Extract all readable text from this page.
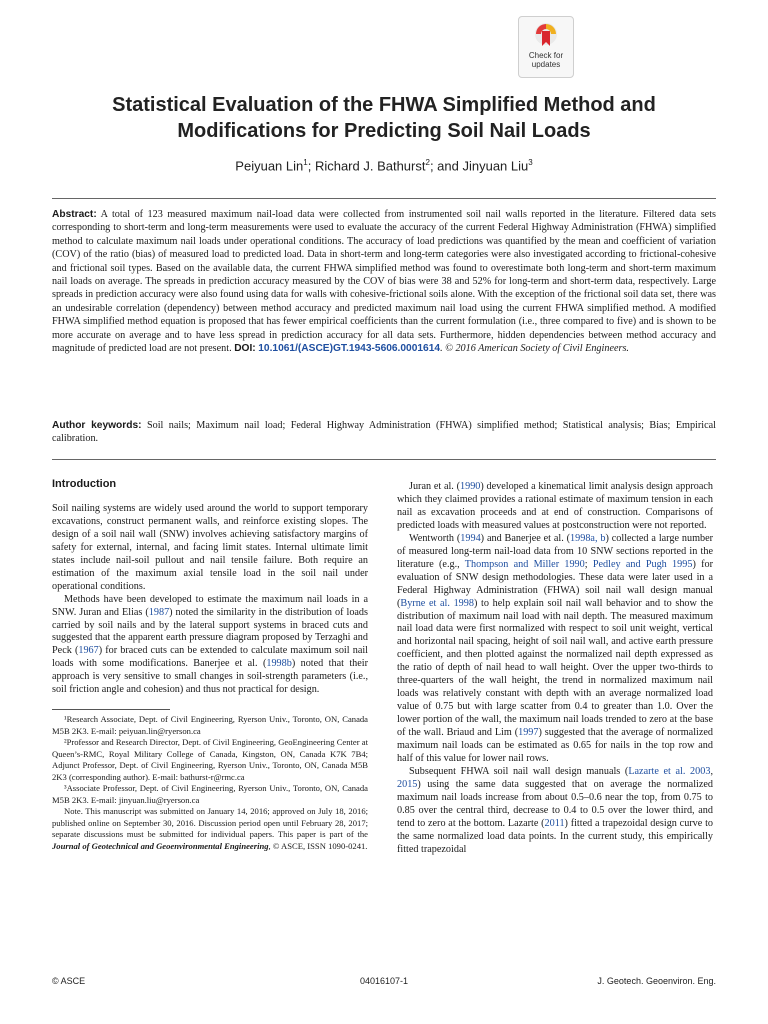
Check for
updates
Statistical Evaluation of the FHWA Simplified Method and
Modifications for Predicting Soil Nail Loads
Peiyuan Lin$^1$; Richard J. Bathurst$^2$; and Jinyuan Liu$^3$
Abstract: A total of 123 measured maximum nail-load data were collected from instrumented soil nail walls reported in the literature. Filtered data sets corresponding to short-term and long-term measurements were used to evaluate the accuracy of the current Federal Highway Administration (FHWA) simplified method to calculate maximum nail loads under operational conditions. The accuracy of load predictions was quantified by the mean and coefficient of variation (COV) of the ratio (bias) of measured load to predicted load. Data in short-term and long-term categories were also investigated according to frictional-cohesive and frictional soil types. Based on the available data, the current FHWA simplified method was found to overestimate both long-term and short-term maximum nail loads on average. The spreads in prediction accuracy measured by the COV of bias were 38 and 52% for long-term and short-term data, respectively. Large spreads in prediction accuracy were also found using data for walls with cohesive-frictional soils alone. With the exception of the frictional soil data set, there was an undesirable correlation (dependency) between method accuracy and predicted maximum nail load using the current FHWA simplified method. A modified FHWA simplified method equation is proposed that has fewer empirical coefficients than the current formulation (i.e., three compared to five) and is shown to be more accurate on average and to have less spread in prediction accuracy for all data sets. Furthermore, hidden dependencies between method accuracy and magnitude of predicted load are not present. DOI: 10.1061/(ASCE)GT.1943-5606.0001614. © 2016 American Society of Civil Engineers.
Author keywords: Soil nails; Maximum nail load; Federal Highway Administration (FHWA) simplified method; Statistical analysis; Bias; Empirical calibration.
Introduction

Soil nailing systems are widely used around the world to support temporary excavations, construct permanent walls, and reinforce existing slopes. The design of a soil nail wall (SNW) involves achieving satisfactory margins of safety for external, internal, and facing limit states. Internal ultimate limit states include nail-soil pullout and nail tensile failure. Both require an estimation of the maximum axial tensile load in the soil nail under operational conditions.

Methods have been developed to estimate the maximum nail loads in a SNW. Juran and Elias (1987) noted the similarity in the distribution of loads carried by soil nails and by the lateral support systems in braced cuts and suggested that the apparent earth pressure diagram proposed by Terzaghi and Peck (1967) for braced cuts can be extended to calculate maximum soil nail loads with some modifications. Banerjee et al. (1998b) noted that their approach is very sensitive to small changes in soil-strength parameters (i.e., soil friction angle and cohesion) and thus not practical for design.

¹Research Associate, Dept. of Civil Engineering, Ryerson Univ., Toronto, ON, Canada M5B 2K3. E-mail: peiyuan.lin@ryerson.ca

²Professor and Research Director, Dept. of Civil Engineering, GeoEngineering Center at Queen’s-RMC, Royal Military College of Canada, Kingston, ON, Canada K7K 7B4; Adjunct Professor, Dept. of Civil Engineering, Ryerson Univ., Toronto, ON, Canada M5B 2K3 (corresponding author). E-mail: bathurst-r@rmc.ca

³Associate Professor, Dept. of Civil Engineering, Ryerson Univ., Toronto, ON, Canada M5B 2K3. E-mail: jinyuan.liu@ryerson.ca

Note. This manuscript was submitted on January 14, 2016; approved on July 18, 2016; published online on September 30, 2016. Discussion period open until February 28, 2017; separate discussions must be submitted for individual papers. This paper is part of the Journal of Geotechnical and Geoenvironmental Engineering, © ASCE, ISSN 1090-0241.

Juran et al. (1990) developed a kinematical limit analysis design approach which they claimed provides a rational estimate of maximum tension in each nail as excavation proceeds and at end of construction. Comparisons of predicted loads with measured values at postconstruction were not reported.

Wentworth (1994) and Banerjee et al. (1998a, b) collected a large number of measured long-term nail-load data from 10 SNW sections reported in the literature (e.g., Thompson and Miller 1990; Pedley and Pugh 1995) for evaluation of SNW design methodologies. These data were later used in a Federal Highway Administration (FHWA) soil nail wall design manual (Byrne et al. 1998) to help explain soil nail wall behavior and to show the distribution of maximum nail load with nail depth. The measured maximum nail load data were first normalized with respect to soil unit weight, vertical and horizontal nail spacing, height of soil nail wall, and active earth pressure coefficient, and then plotted against the normalized nail depth expressed as the ratio of depth of nail head to wall height. Over the upper two-thirds to three-quarters of the wall height, the trend in normalized maximum nail loads was relatively constant with depth with an average normalized load value of 0.75 but with large scatter from 0.4 to greater than 1.0. Over the lower portion of the wall, the maximum nail loads trended to zero at the base of the wall. Briaud and Lim (1997) suggested that the average of normalized maximum nail loads can be estimated as 0.65 for nails in the top row and half of this value for lower nail rows.

Subsequent FHWA soil nail wall design manuals (Lazarte et al. 2003, 2015) using the same data suggested that on average the normalized maximum nail loads increase from about 0.5–0.6 near the top, from 0.75 to 0.85 over the central third, decrease to 0.4 to 0.5 over the lower third, and tend to zero at the bottom. Lazarte (2011) fitted a trapezoidal design curve to the same normalized load data points. In the current study, this empirically fitted trapezoidal

04016107-1
© ASCE	J. Geotech. Geoenviron. Eng.
